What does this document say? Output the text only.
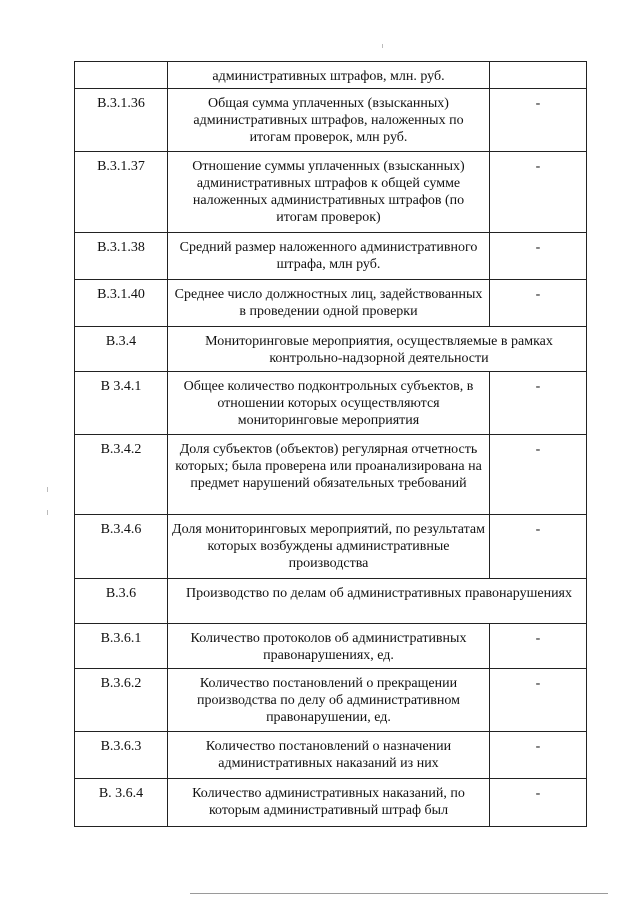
	административных штрафов, млн. руб.	
В.3.1.36	Общая сумма уплаченных (взысканных) административных штрафов, наложенных по итогам проверок, млн руб.	-
В.3.1.37	Отношение суммы уплаченных (взысканных) административных штрафов к общей сумме наложенных административных штрафов (по итогам проверок)	-
В.3.1.38	Средний размер наложенного административного штрафа, млн руб.	-
В.3.1.40	Среднее число должностных лиц, задействованных в проведении одной проверки	-
В.3.4	Мониторинговые мероприятия, осуществляемые в рамках контрольно-надзорной деятельности	
В 3.4.1	Общее количество подконтрольных субъектов, в отношении которых осуществляются мониторинговые мероприятия	-
В.3.4.2	Доля субъектов (объектов) регулярная отчетность которых; была проверена или проанализирована на предмет нарушений обязательных требований	-
В.3.4.6	Доля мониторинговых мероприятий, по результатам которых возбуждены административные производства	-
В.3.6	Производство по делам об административных правонарушениях	
В.3.6.1	Количество протоколов об административных правонарушениях, ед.	-
В.3.6.2	Количество постановлений о прекращении производства по делу об административном правонарушении, ед.	-
В.3.6.3	Количество постановлений о назначении административных наказаний из них	-
В. 3.6.4	Количество административных наказаний, по которым административный штраф был	-
